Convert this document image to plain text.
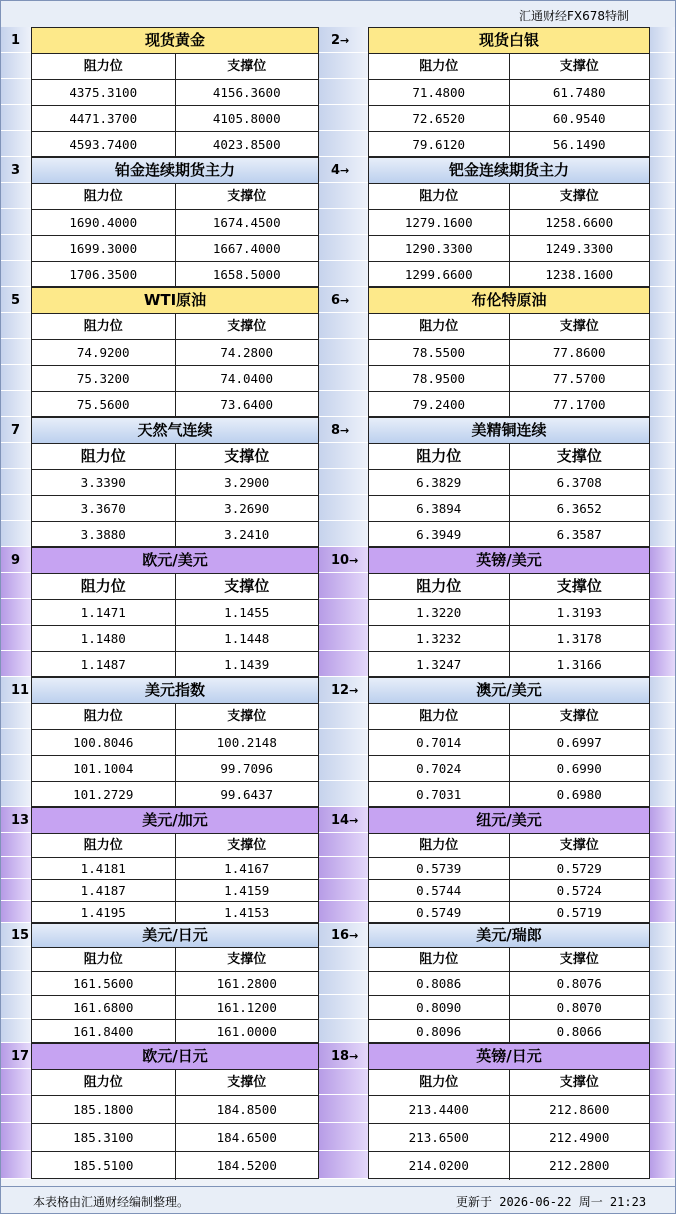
汇通财经FX678特制
1	现货黄金
阻力位	支撑位
4375.3100	4156.3600
4471.3700	4105.8000
4593.7400	4023.8500
2→	现货白银
阻力位	支撑位
71.4800	61.7480
72.6520	60.9540
79.6120	56.1490
3	铂金连续期货主力
阻力位	支撑位
1690.4000	1674.4500
1699.3000	1667.4000
1706.3500	1658.5000
4→	钯金连续期货主力
阻力位	支撑位
1279.1600	1258.6600
1290.3300	1249.3300
1299.6600	1238.1600
5	WTI原油
阻力位	支撑位
74.9200	74.2800
75.3200	74.0400
75.5600	73.6400
6→	布伦特原油
阻力位	支撑位
78.5500	77.8600
78.9500	77.5700
79.2400	77.1700
7	天然气连续
阻力位	支撑位
3.3390	3.2900
3.3670	3.2690
3.3880	3.2410
8→	美精铜连续
阻力位	支撑位
6.3829	6.3708
6.3894	6.3652
6.3949	6.3587
9	欧元/美元
阻力位	支撑位
1.1471	1.1455
1.1480	1.1448
1.1487	1.1439
10→	英镑/美元
阻力位	支撑位
1.3220	1.3193
1.3232	1.3178
1.3247	1.3166
11	美元指数
阻力位	支撑位
100.8046	100.2148
101.1004	99.7096
101.2729	99.6437
12→	澳元/美元
阻力位	支撑位
0.7014	0.6997
0.7024	0.6990
0.7031	0.6980
13	美元/加元
阻力位	支撑位
1.4181	1.4167
1.4187	1.4159
1.4195	1.4153
14→	纽元/美元
阻力位	支撑位
0.5739	0.5729
0.5744	0.5724
0.5749	0.5719
15	美元/日元
阻力位	支撑位
161.5600	161.2800
161.6800	161.1200
161.8400	161.0000
16→	美元/瑞郎
阻力位	支撑位
0.8086	0.8076
0.8090	0.8070
0.8096	0.8066
17	欧元/日元
阻力位	支撑位
185.1800	184.8500
185.3100	184.6500
185.5100	184.5200
18→	英镑/日元
阻力位	支撑位
213.4400	212.8600
213.6500	212.4900
214.0200	212.2800
本表格由汇通财经编制整理。	更新于 2026-06-22 周一 21:23
